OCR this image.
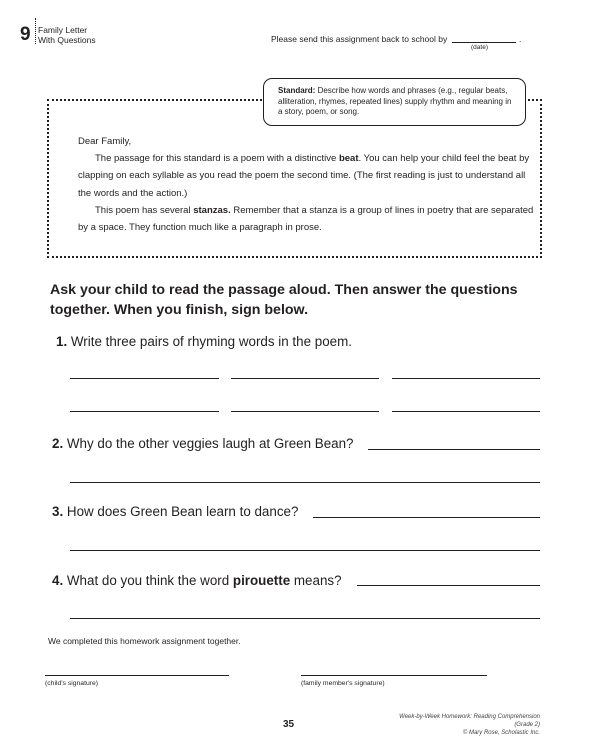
9 Family Letter
With Questions	Please send this assignment back to school by	.
(date)
Standard: Describe how words and phrases (e.g., regular beats, alliteration, rhymes, repeated lines) supply rhythm and meaning in a story, poem, or song.

Dear Family,

The passage for this standard is a poem with a distinctive beat. You can help your child feel the beat by clapping on each syllable as you read the poem the second time. (The first reading is just to understand all the words and the action.)

This poem has several stanzas. Remember that a stanza is a group of lines in poetry that are separated by a space. They function much like a paragraph in prose.

Ask your child to read the passage aloud. Then answer the questions together. When you finish, sign below.
1. Write three pairs of rhyming words in the poem.
2. Why do the other veggies laugh at Green Bean?
3. How does Green Bean learn to dance?
4. What do you think the word pirouette means?
We completed this homework assignment together.
(child's signature)	(family member's signature)
35
Week-by-Week Homework: Reading Comprehension (Grade 2)
© Mary Rose, Scholastic Inc.
